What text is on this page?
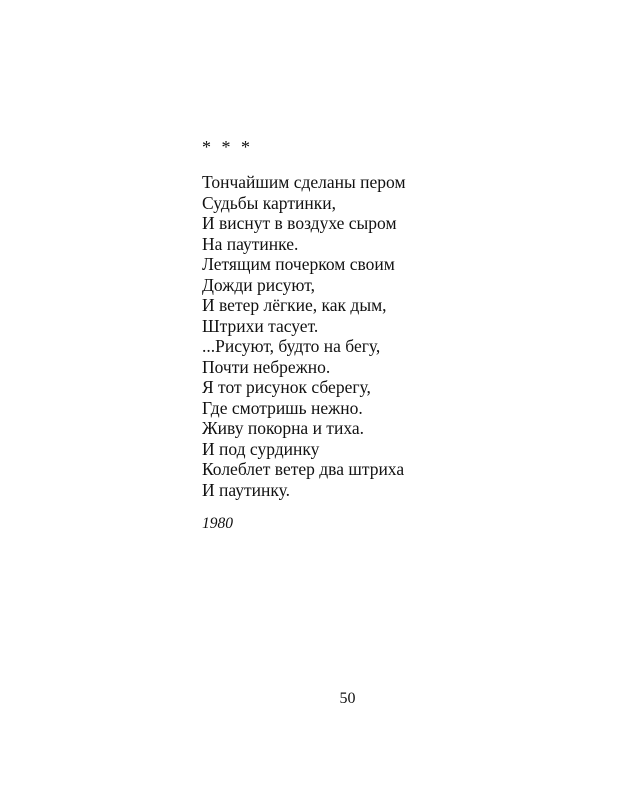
* * *
Тончайшим сделаны пером
Судьбы картинки,
И виснут в воздухе сыром
На паутинке.
Летящим почерком своим
Дожди рисуют,
И ветер лёгкие, как дым,
Штрихи тасует.
...Рисуют, будто на бегу,
Почти небрежно.
Я тот рисунок сберегу,
Где смотришь нежно.
Живу покорна и тиха.
И под сурдинку
Колеблет ветер два штриха
И паутинку.
1980
50
